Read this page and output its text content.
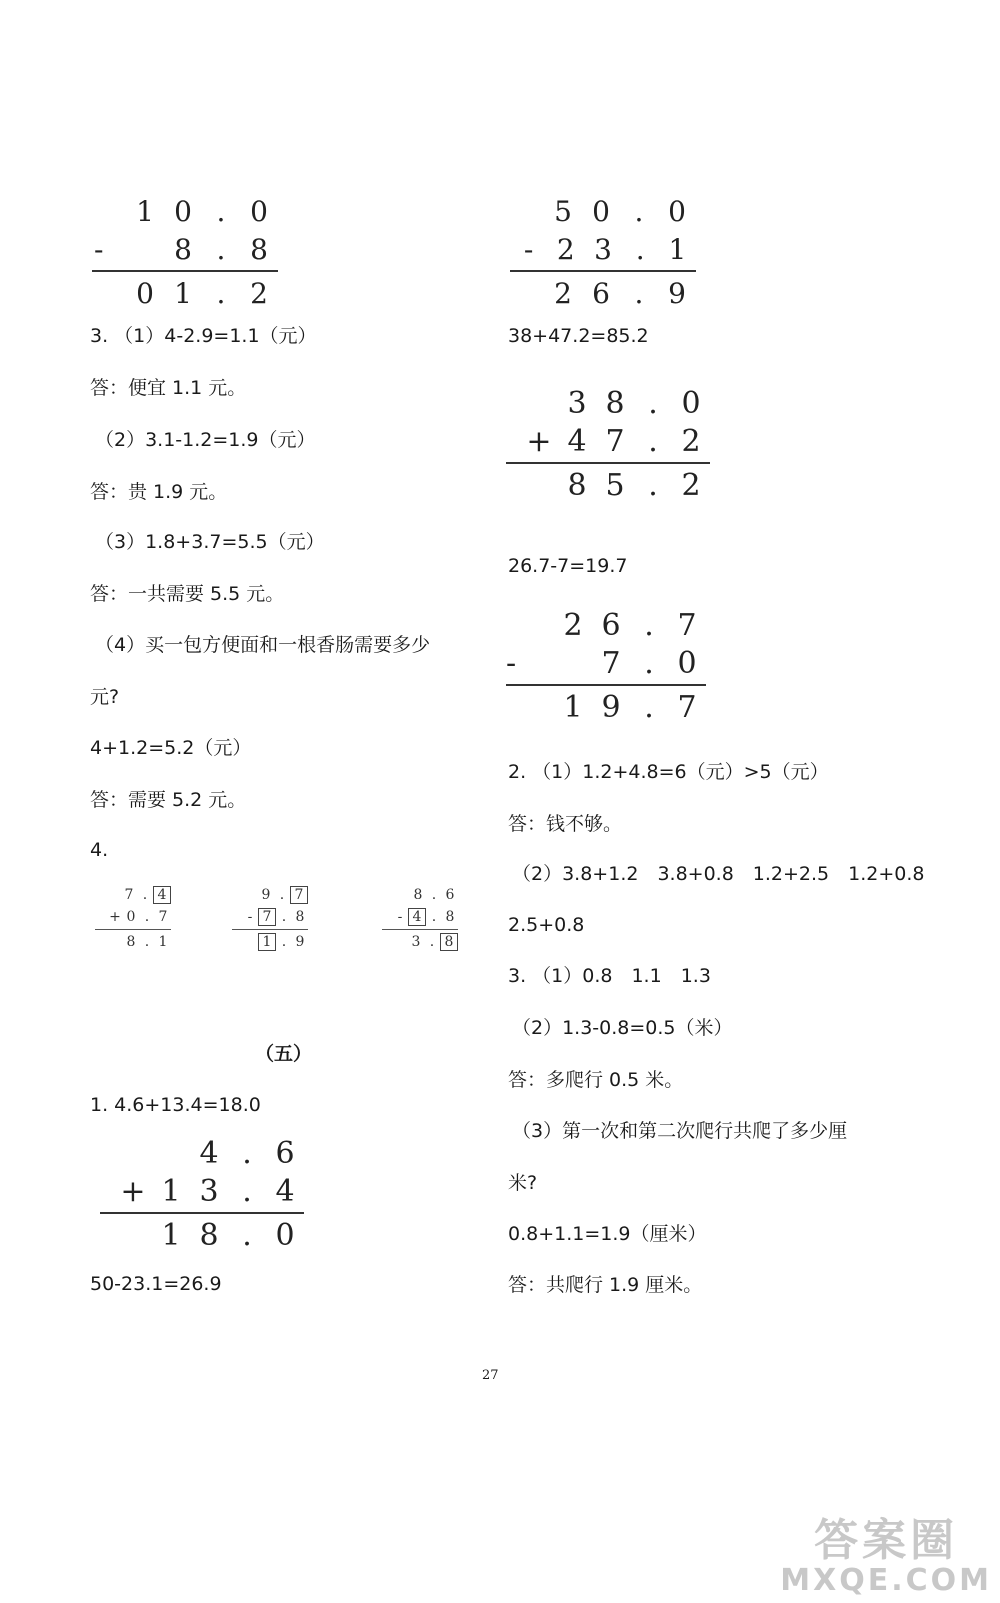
1 0 . 0
-	8 . 8
0 1 . 2
3. （1）4-2.9=1.1（元）
答：便宜 1.1 元。
（2）3.1-1.2=1.9（元）
答：贵 1.9 元。
（3）1.8+3.7=5.5（元）
答：一共需要 5.5 元。
（4）买一包方便面和一根香肠需要多少
元?
4+1.2=5.2（元）
答：需要 5.2 元。
4.
7 . 4
+ 0 . 7
8 . 1
9 . 7
- 7 . 8
1 . 9
8 . 6
- 4 . 8
3 . 8
（五）
1. 4.6+13.4=18.0
4 . 6
+ 1 3 . 4
1 8 . 0
50-23.1=26.9
5 0 . 0
- 2 3 . 1
2 6 . 9
38+47.2=85.2
3 8 . 0
+ 4 7 . 2
8 5 . 2
26.7-7=19.7
2 6 . 7
-	7 . 0
1 9 . 7
2. （1）1.2+4.8=6（元）>5（元）
答：钱不够。
（2）3.8+1.2　3.8+0.8　1.2+2.5　1.2+0.8
2.5+0.8
3. （1）0.8　1.1　1.3
（2）1.3-0.8=0.5（米）
答：多爬行 0.5 米。
（3）第一次和第二次爬行共爬了多少厘
米?
0.8+1.1=1.9（厘米）
答：共爬行 1.9 厘米。
27
答案圈
MXQE.COM
